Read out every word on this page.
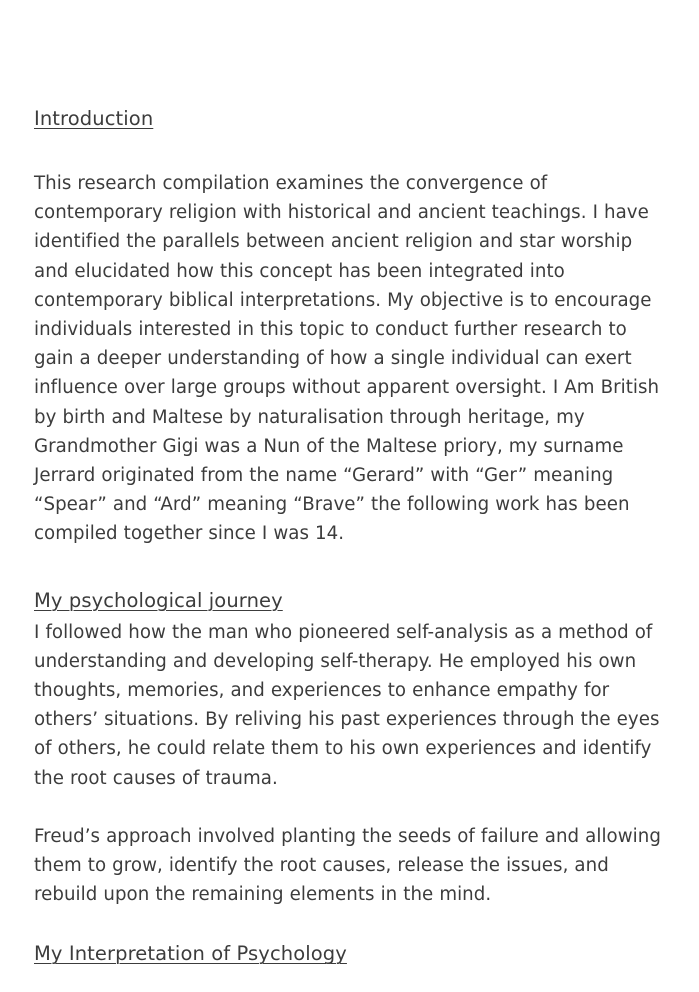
Introduction

This research compilation examines the convergence of contemporary religion with historical and ancient teachings. I have identified the parallels between ancient religion and star worship and elucidated how this concept has been integrated into contemporary biblical interpretations. My objective is to encourage individuals interested in this topic to conduct further research to gain a deeper understanding of how a single individual can exert influence over large groups without apparent oversight. I Am British by birth and Maltese by naturalisation through heritage, my Grandmother Gigi was a Nun of the Maltese priory, my surname Jerrard originated from the name “Gerard” with “Ger” meaning “Spear” and “Ard” meaning “Brave” the following work has been compiled together since I was 14.

My psychological journey

I followed how the man who pioneered self-analysis as a method of understanding and developing self-therapy. He employed his own thoughts, memories, and experiences to enhance empathy for others’ situations. By reliving his past experiences through the eyes of others, he could relate them to his own experiences and identify the root causes of trauma.

Freud’s approach involved planting the seeds of failure and allowing them to grow, identify the root causes, release the issues, and rebuild upon the remaining elements in the mind.

My Interpretation of Psychology
